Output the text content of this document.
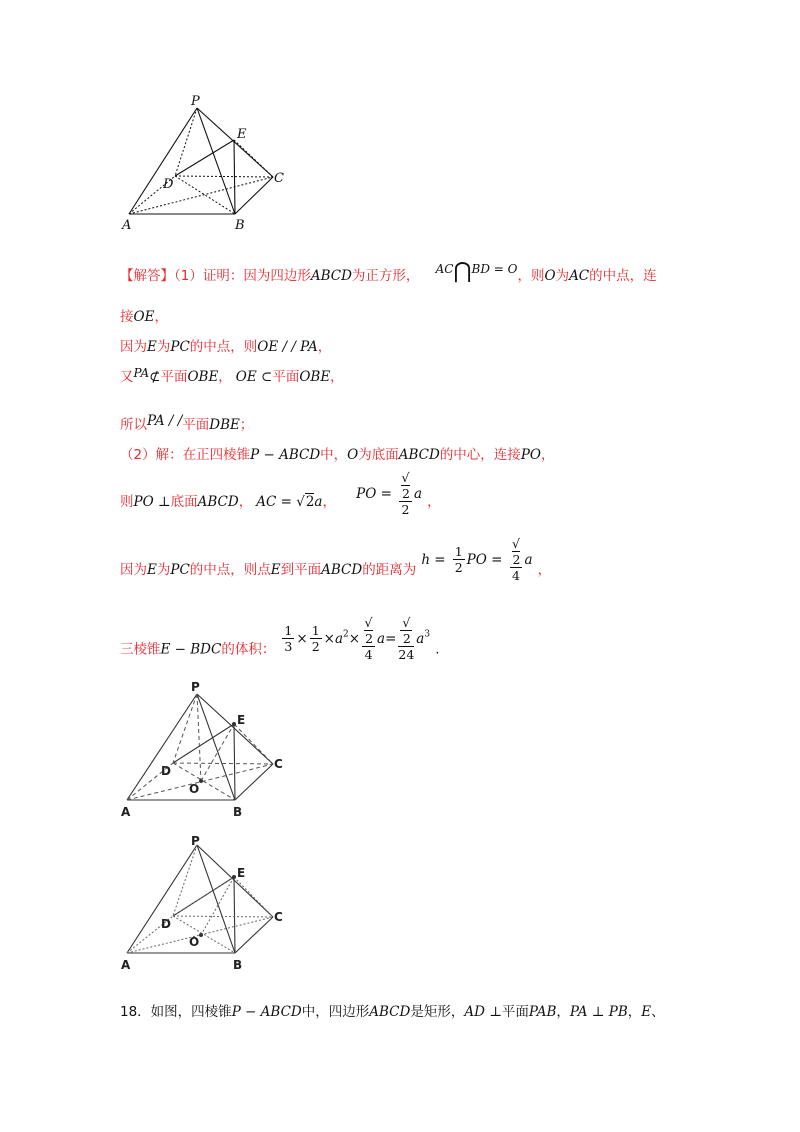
P
E
D	C
A	B
【解答】（1）证明：因为四边形ABCD为正方形， $^{AC}$⋂$^{BD = O}$，则O为AC的中点，连
接OE，
因为E为PC的中点，则OE / / PA，
又$^{PA}$⊄平面OBE， OE ⊂平面OBE，
所以$^{PA / /}$平面DBE；
（2）解：在正四棱锥P − ABCD中，O为底面ABCD的中心，连接PO，
则PO ⊥底面ABCD， AC = √2a， PO = √
2
2 a ，
因为E为PC的中点，则点E到平面ABCD的距离为 $h = \frac{1}{2}$ PO = √
2
4 a ，
三棱锥E − BDC的体积： $\frac{1}{3} \times \frac{1}{2} \times a^2\times$ √
2
4 a= √
2
24 $a^3$ .
P
E
D
O
C
A	B
P
E
D
O
C
A	B
18．如图，四棱锥P − ABCD中，四边形ABCD是矩形，AD ⊥平面PAB，PA ⊥ PB，E、
